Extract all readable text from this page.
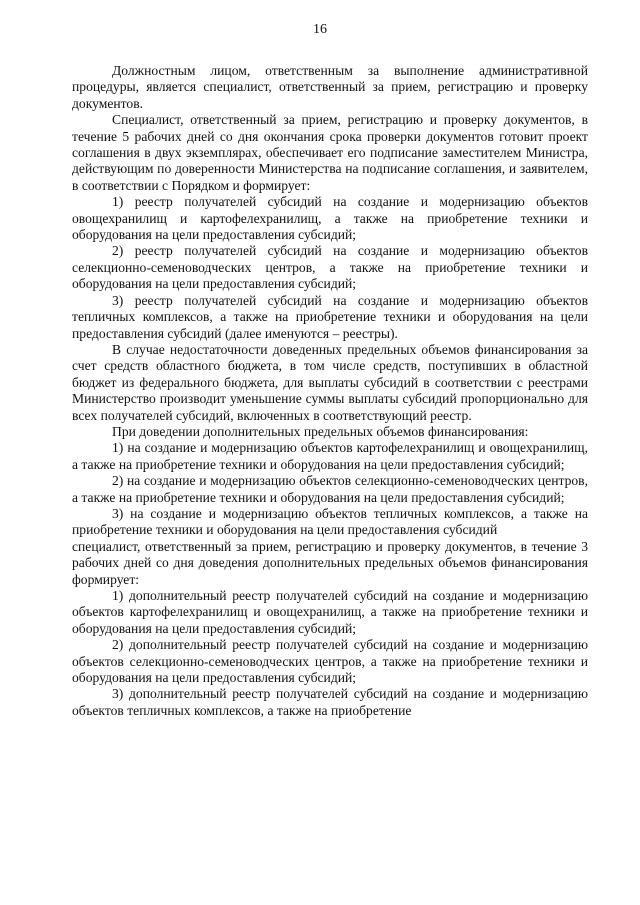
16

Должностным лицом, ответственным за выполнение административной процедуры, является специалист, ответственный за прием, регистрацию и проверку документов.

Специалист, ответственный за прием, регистрацию и проверку документов, в течение 5 рабочих дней со дня окончания срока проверки документов готовит проект соглашения в двух экземплярах, обеспечивает его подписание заместителем Министра, действующим по доверенности Министерства на подписание соглашения, и заявителем, в соответствии с Порядком и формирует:

1) реестр получателей субсидий на создание и модернизацию объектов овощехранилищ и картофелехранилищ, а также на приобретение техники и оборудования на цели предоставления субсидий;

2) реестр получателей субсидий на создание и модернизацию объектов селекционно-семеноводческих центров, а также на приобретение техники и оборудования на цели предоставления субсидий;

3) реестр получателей субсидий на создание и модернизацию объектов тепличных комплексов, а также на приобретение техники и оборудования на цели предоставления субсидий (далее именуются – реестры).

В случае недостаточности доведенных предельных объемов финансирования за счет средств областного бюджета, в том числе средств, поступивших в областной бюджет из федерального бюджета, для выплаты субсидий в соответствии с реестрами Министерство производит уменьшение суммы выплаты субсидий пропорционально для всех получателей субсидий, включенных в соответствующий реестр.

При доведении дополнительных предельных объемов финансирования:

1) на создание и модернизацию объектов картофелехранилищ и овощехранилищ, а также на приобретение техники и оборудования на цели предоставления субсидий;

2) на создание и модернизацию объектов селекционно-семеноводческих центров, а также на приобретение техники и оборудования на цели предоставления субсидий;

3) на создание и модернизацию объектов тепличных комплексов, а также на приобретение техники и оборудования на цели предоставления субсидий

специалист, ответственный за прием, регистрацию и проверку документов, в течение 3 рабочих дней со дня доведения дополнительных предельных объемов финансирования формирует:

1) дополнительный реестр получателей субсидий на создание и модернизацию объектов картофелехранилищ и овощехранилищ, а также на приобретение техники и оборудования на цели предоставления субсидий;

2) дополнительный реестр получателей субсидий на создание и модернизацию объектов селекционно-семеноводческих центров, а также на приобретение техники и оборудования на цели предоставления субсидий;

3) дополнительный реестр получателей субсидий на создание и модернизацию объектов тепличных комплексов, а также на приобретение
